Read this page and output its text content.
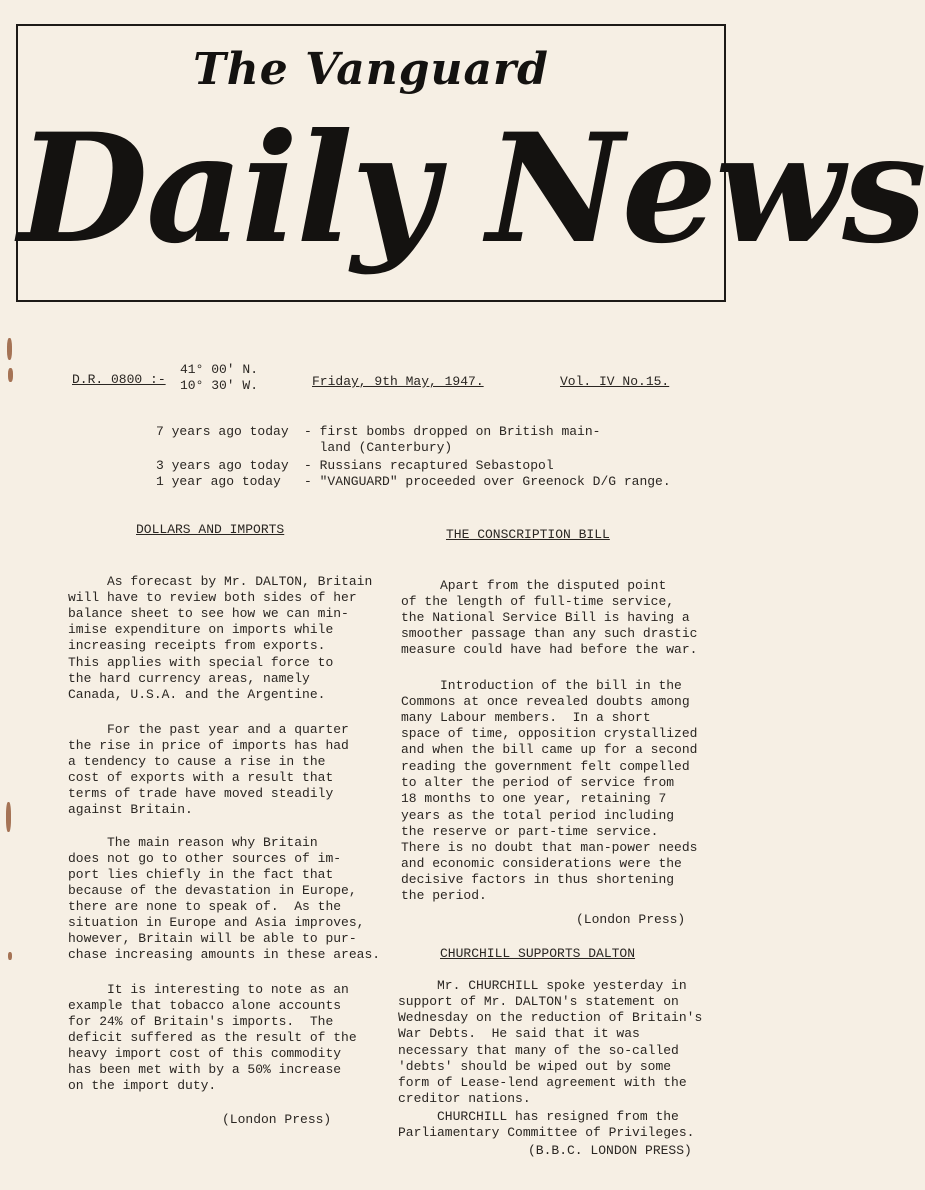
The Vanguard
Daily News
D.R. 0800 :-
41° 00' N.
10° 30' W.	Friday, 9th May, 1947.	Vol. IV No.15.
7 years ago today - first bombs dropped on British main-
land (Canterbury)
3 years ago today - Russians recaptured Sebastopol
1 year ago today - "VANGUARD" proceeded over Greenock D/G range.
DOLLARS AND IMPORTS
As forecast by Mr. DALTON, Britain
will have to review both sides of her
balance sheet to see how we can min-
imise expenditure on imports while
increasing receipts from exports.
This applies with special force to
the hard currency areas, namely
Canada, U.S.A. and the Argentine.
For the past year and a quarter
the rise in price of imports has had
a tendency to cause a rise in the
cost of exports with a result that
terms of trade have moved steadily
against Britain.
The main reason why Britain
does not go to other sources of im-
port lies chiefly in the fact that
because of the devastation in Europe,
there are none to speak of.  As the
situation in Europe and Asia improves,
however, Britain will be able to pur-
chase increasing amounts in these areas.
It is interesting to note as an
example that tobacco alone accounts
for 24% of Britain's imports.  The
deficit suffered as the result of the
heavy import cost of this commodity
has been met with by a 50% increase
on the import duty.
(London Press)
THE CONSCRIPTION BILL
Apart from the disputed point
of the length of full-time service,
the National Service Bill is having a
smoother passage than any such drastic
measure could have had before the war.
Introduction of the bill in the
Commons at once revealed doubts among
many Labour members.  In a short
space of time, opposition crystallized
and when the bill came up for a second
reading the government felt compelled
to alter the period of service from
18 months to one year, retaining 7
years as the total period including
the reserve or part-time service.
There is no doubt that man-power needs
and economic considerations were the
decisive factors in thus shortening
the period.
(London Press)
CHURCHILL SUPPORTS DALTON
Mr. CHURCHILL spoke yesterday in
support of Mr. DALTON's statement on
Wednesday on the reduction of Britain's
War Debts.  He said that it was
necessary that many of the so-called
'debts' should be wiped out by some
form of Lease-lend agreement with the
creditor nations.
CHURCHILL has resigned from the
Parliamentary Committee of Privileges.
(B.B.C. LONDON PRESS)
